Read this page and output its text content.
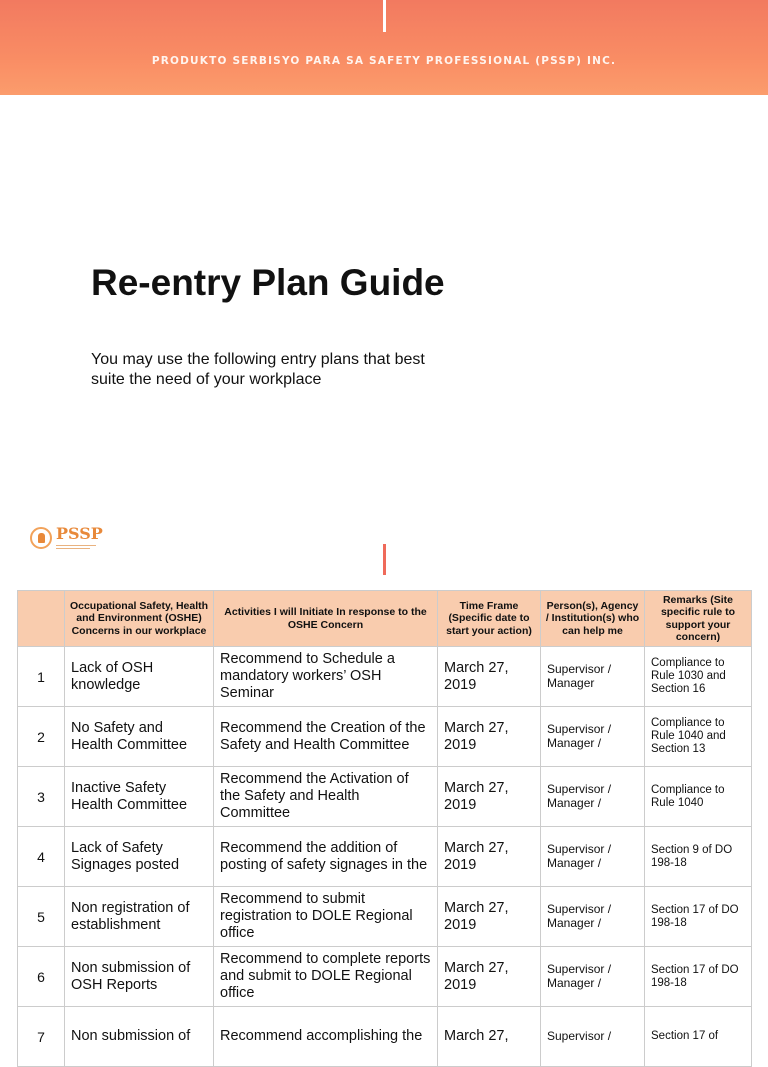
PRODUKTO SERBISYO PARA SA SAFETY PROFESSIONAL (PSSP) INC.
Re-entry Plan Guide

You may use the following entry plans that best suite the need of your workplace

PSSP
	Occupational Safety, Health and Environment (OSHE) Concerns in our workplace	Activities I will Initiate In response to the OSHE Concern	Time Frame (Specific date to start your action)	Person(s), Agency / Institution(s) who can help me	Remarks (Site specific rule to support your concern)
1	Lack of OSH knowledge	Recommend to Schedule a mandatory workers’ OSH Seminar	March 27, 2019	Supervisor / Manager	Compliance to Rule 1030 and Section 16
2	No Safety and Health Committee	Recommend the Creation of the Safety and Health Committee	March 27, 2019	Supervisor / Manager /	Compliance to Rule 1040 and Section 13
3	Inactive Safety Health Committee	Recommend the Activation of the Safety and Health Committee	March 27, 2019	Supervisor / Manager /	Compliance to Rule 1040
4	Lack of Safety Signages posted	Recommend the addition of posting of safety signages in the	March 27, 2019	Supervisor / Manager /	Section 9 of DO 198-18
5	Non registration of establishment	Recommend to submit registration to DOLE Regional office	March 27, 2019	Supervisor / Manager /	Section 17 of DO 198-18
6	Non submission of OSH Reports	Recommend to complete reports and submit to DOLE Regional office	March 27, 2019	Supervisor / Manager /	Section 17 of DO 198-18
7	Non submission of	Recommend accomplishing the	March 27,	Supervisor /	Section 17 of
